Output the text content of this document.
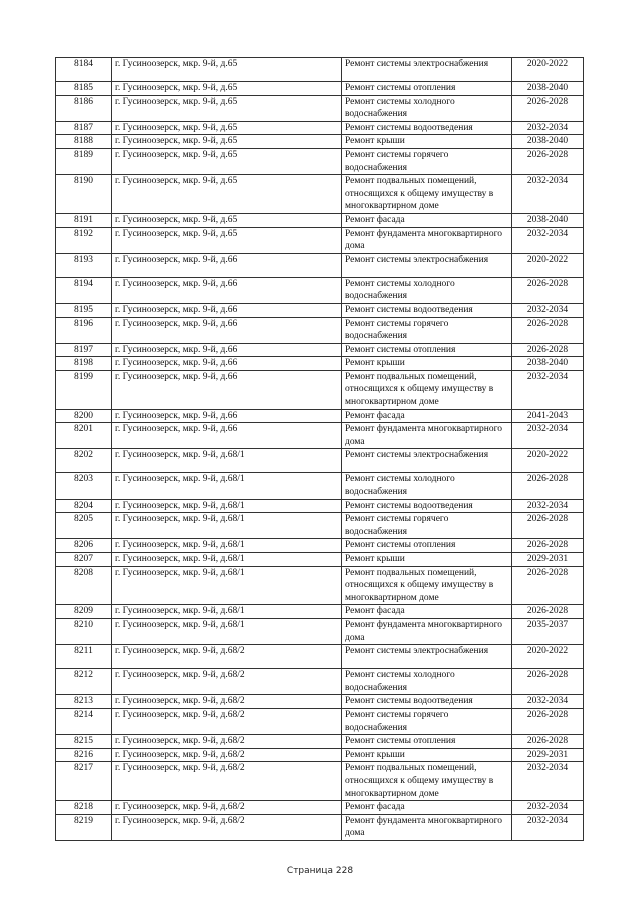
8184	г. Гусиноозерск, мкр. 9-й, д.65	Ремонт системы электроснабжения	2020-2022
8185	г. Гусиноозерск, мкр. 9-й, д.65	Ремонт системы отопления	2038-2040
8186	г. Гусиноозерск, мкр. 9-й, д.65	Ремонт системы холодного водоснабжения	2026-2028
8187	г. Гусиноозерск, мкр. 9-й, д.65	Ремонт системы водоотведения	2032-2034
8188	г. Гусиноозерск, мкр. 9-й, д.65	Ремонт крыши	2038-2040
8189	г. Гусиноозерск, мкр. 9-й, д.65	Ремонт системы горячего водоснабжения	2026-2028
8190	г. Гусиноозерск, мкр. 9-й, д.65	Ремонт подвальных помещений, относящихся к общему имуществу в многоквартирном доме	2032-2034
8191	г. Гусиноозерск, мкр. 9-й, д.65	Ремонт фасада	2038-2040
8192	г. Гусиноозерск, мкр. 9-й, д.65	Ремонт фундамента многоквартирного дома	2032-2034
8193	г. Гусиноозерск, мкр. 9-й, д.66	Ремонт системы электроснабжения	2020-2022
8194	г. Гусиноозерск, мкр. 9-й, д.66	Ремонт системы холодного водоснабжения	2026-2028
8195	г. Гусиноозерск, мкр. 9-й, д.66	Ремонт системы водоотведения	2032-2034
8196	г. Гусиноозерск, мкр. 9-й, д.66	Ремонт системы горячего водоснабжения	2026-2028
8197	г. Гусиноозерск, мкр. 9-й, д.66	Ремонт системы отопления	2026-2028
8198	г. Гусиноозерск, мкр. 9-й, д.66	Ремонт крыши	2038-2040
8199	г. Гусиноозерск, мкр. 9-й, д.66	Ремонт подвальных помещений, относящихся к общему имуществу в многоквартирном доме	2032-2034
8200	г. Гусиноозерск, мкр. 9-й, д.66	Ремонт фасада	2041-2043
8201	г. Гусиноозерск, мкр. 9-й, д.66	Ремонт фундамента многоквартирного дома	2032-2034
8202	г. Гусиноозерск, мкр. 9-й, д.68/1	Ремонт системы электроснабжения	2020-2022
8203	г. Гусиноозерск, мкр. 9-й, д.68/1	Ремонт системы холодного водоснабжения	2026-2028
8204	г. Гусиноозерск, мкр. 9-й, д.68/1	Ремонт системы водоотведения	2032-2034
8205	г. Гусиноозерск, мкр. 9-й, д.68/1	Ремонт системы горячего водоснабжения	2026-2028
8206	г. Гусиноозерск, мкр. 9-й, д.68/1	Ремонт системы отопления	2026-2028
8207	г. Гусиноозерск, мкр. 9-й, д.68/1	Ремонт крыши	2029-2031
8208	г. Гусиноозерск, мкр. 9-й, д.68/1	Ремонт подвальных помещений, относящихся к общему имуществу в многоквартирном доме	2026-2028
8209	г. Гусиноозерск, мкр. 9-й, д.68/1	Ремонт фасада	2026-2028
8210	г. Гусиноозерск, мкр. 9-й, д.68/1	Ремонт фундамента многоквартирного дома	2035-2037
8211	г. Гусиноозерск, мкр. 9-й, д.68/2	Ремонт системы электроснабжения	2020-2022
8212	г. Гусиноозерск, мкр. 9-й, д.68/2	Ремонт системы холодного водоснабжения	2026-2028
8213	г. Гусиноозерск, мкр. 9-й, д.68/2	Ремонт системы водоотведения	2032-2034
8214	г. Гусиноозерск, мкр. 9-й, д.68/2	Ремонт системы горячего водоснабжения	2026-2028
8215	г. Гусиноозерск, мкр. 9-й, д.68/2	Ремонт системы отопления	2026-2028
8216	г. Гусиноозерск, мкр. 9-й, д.68/2	Ремонт крыши	2029-2031
8217	г. Гусиноозерск, мкр. 9-й, д.68/2	Ремонт подвальных помещений, относящихся к общему имуществу в многоквартирном доме	2032-2034
8218	г. Гусиноозерск, мкр. 9-й, д.68/2	Ремонт фасада	2032-2034
8219	г. Гусиноозерск, мкр. 9-й, д.68/2	Ремонт фундамента многоквартирного дома	2032-2034
Страница 228
